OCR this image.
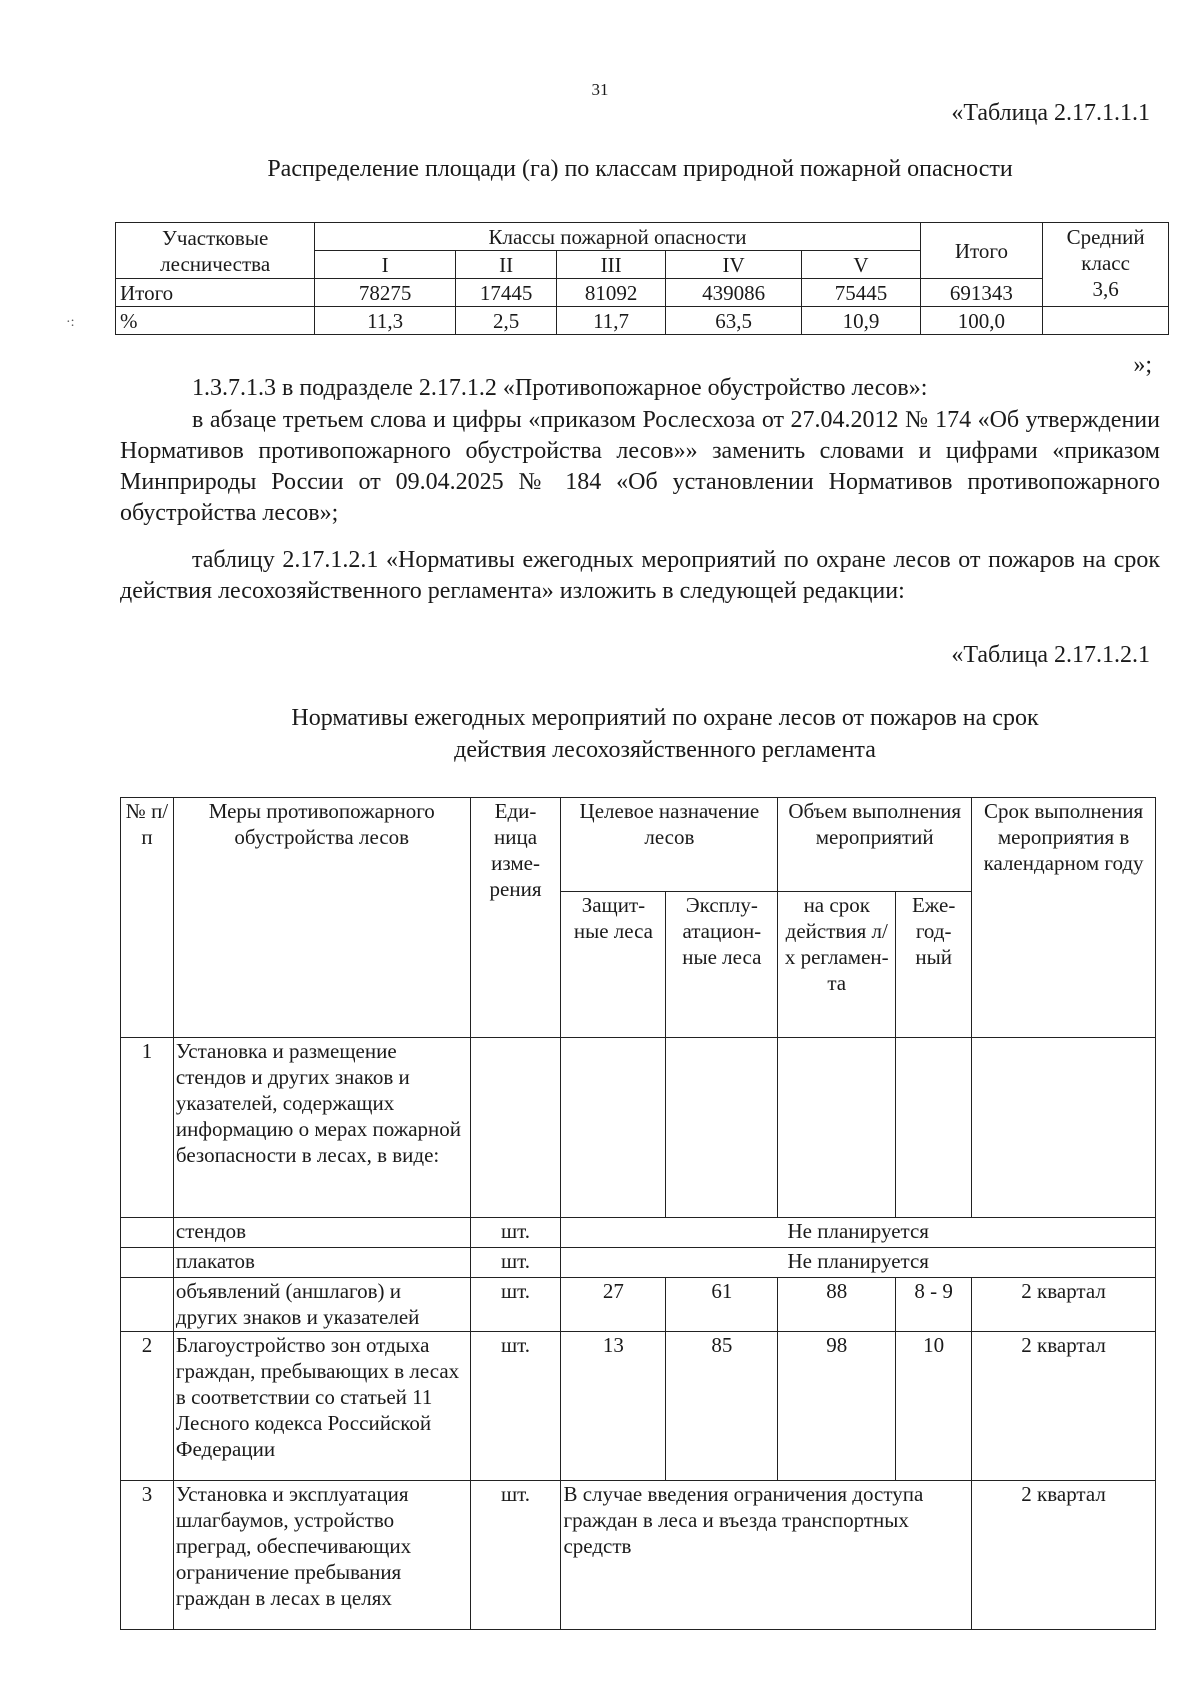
31
«Таблица 2.17.1.1.1
Распределение площади (га) по классам природной пожарной опасности
·:
Участковые лесничества	Классы пожарной опасности					Итого	Средний класс
3,6
	I	II	III	IV	V		
Итого	78275	17445	81092	439086	75445	691343	
%	11,3	2,5	11,7	63,5	10,9	100,0	
»;
1.3.7.1.3 в подразделе 2.17.1.2 «Противопожарное обустройство лесов»:
в абзаце третьем слова и цифры «приказом Рослесхоза от 27.04.2012 № 174 «Об утверждении Нормативов противопожарного обустройства лесов»» заменить словами и цифрами «приказом Минприроды России от 09.04.2025 № 184 «Об установлении Нормативов противопожарного обустройства лесов»;
таблицу 2.17.1.2.1 «Нормативы ежегодных мероприятий по охране лесов от пожаров на срок действия лесохозяйственного регламента» изложить в следующей редакции:
«Таблица 2.17.1.2.1
Нормативы ежегодных мероприятий по охране лесов от пожаров на срок
действия лесохозяйственного регламента
№ п/п	Меры противопожарного обустройства лесов	Еди- ница изме- рения	Целевое назначение лесов		Объем выполнения мероприятий		Срок выполнения мероприятия в календарном году
			Защит- ные леса	Эксплу- атацион- ные леса	на срок действия л/х регламен- та	Еже- год- ный	
1	Установка и размещение стендов и других знаков и указателей, содержащих информацию о мерах пожарной безопасности в лесах, в виде:						
	стендов	шт.	Не планируется				
	плакатов	шт.	Не планируется				
	объявлений (аншлагов) и других знаков и указателей	шт.	27	61	88	8 - 9	2 квартал
2	Благоустройство зон отдыха граждан, пребывающих в лесах в соответствии со статьей 11 Лесного кодекса Российской Федерации	шт.	13	85	98	10	2 квартал
3	Установка и эксплуатация шлагбаумов, устройство преград, обеспечивающих ограничение пребывания граждан в лесах в целях	шт.	В случае введения ограничения доступа граждан в леса и въезда транспортных средств				2 квартал
